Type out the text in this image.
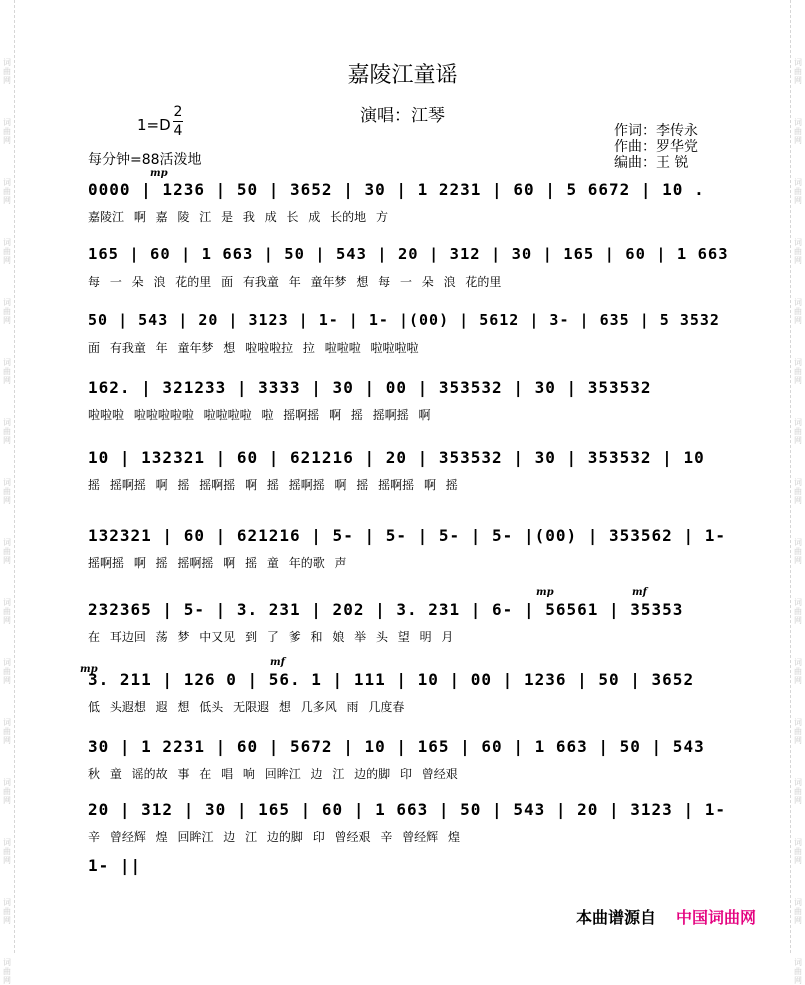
词
曲
网
词
曲
网
词
曲
网
词
曲
网
词
曲
网
词
曲
网
词
曲
网
词
曲
网
词
曲
网
词
曲
网
词
曲
网
词
曲
网
词
曲
网
词
曲
网
词
曲
网
词
曲
网
词
曲
网
词
曲
网
词
曲
网
词
曲
网
词
曲
网
词
曲
网
词
曲
网
词
曲
网
词
曲
网
词
曲
网
词
曲
网
词
曲
网
词
曲
网
词
曲
网
词
曲
网
词
曲
网
嘉陵江童谣
演唱：江琴
1=D
2
4
每分钟=88活泼地
作词：李传永
作曲：罗华党
编曲：王 锐
0000 | 1236 | 50 | 3652 | 30 | 1 2231 | 60 | 5 6672 | 10 .
嘉陵江 啊 嘉 陵 江 是 我 成 长 成 长的地 方
165 | 60 | 1 663 | 50 | 543 | 20 | 312 | 30 | 165 | 60 | 1 663
每 一 朵 浪 花的里 面 有我童 年 童年梦 想 每 一 朵 浪 花的里
50 | 543 | 20 | 3123 | 1- | 1- |(00) | 5612 | 3- | 635 | 5 3532
面 有我童 年 童年梦 想 啦啦啦拉 拉 啦啦啦 啦啦啦啦
162. | 321233 | 3333 | 30 | 00 | 353532 | 30 | 353532
啦啦啦 啦啦啦啦啦 啦啦啦啦 啦 摇啊摇 啊 摇 摇啊摇 啊
10 | 132321 | 60 | 621216 | 20 | 353532 | 30 | 353532 | 10
摇 摇啊摇 啊 摇 摇啊摇 啊 摇 摇啊摇 啊 摇 摇啊摇 啊 摇
132321 | 60 | 621216 | 5- | 5- | 5- | 5- |(00) | 353562 | 1-
摇啊摇 啊 摇 摇啊摇 啊 摇 童 年的歌 声
232365 | 5- | 3. 231 | 202 | 3. 231 | 6- | 56561 | 35353
在 耳边回 荡 梦 中又见 到 了 爹 和 娘 举 头 望 明 月
3. 211 | 126 0 | 56. 1 | 111 | 10 | 00 | 1236 | 50 | 3652
低 头遐想 遐 想 低头 无限遐 想 几多风 雨 几度春
30 | 1 2231 | 60 | 5672 | 10 | 165 | 60 | 1 663 | 50 | 543
秋 童 谣的故 事 在 唱 响 回眸江 边 江 边的脚 印 曾经艰
20 | 312 | 30 | 165 | 60 | 1 663 | 50 | 543 | 20 | 3123 | 1-
辛 曾经辉 煌 回眸江 边 江 边的脚 印 曾经艰 辛 曾经辉 煌
1- ||
mp
mp	mf
mp
mf
本曲谱源自 中国词曲网
